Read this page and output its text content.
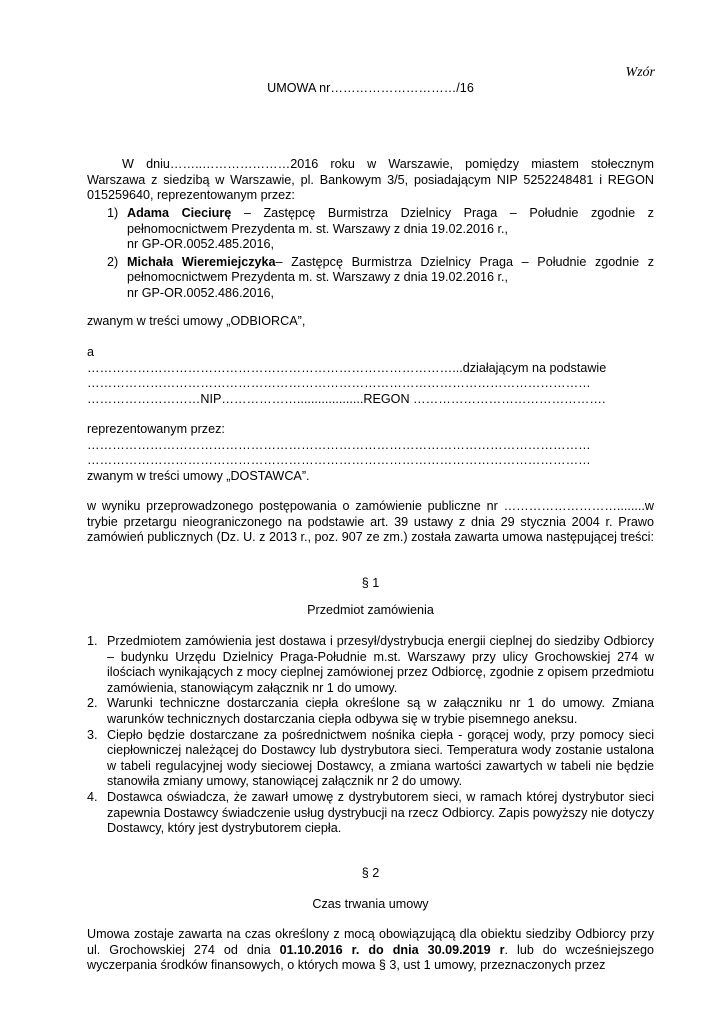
Wzór
UMOWA nr…………………………/16
W dniu……..…………………2016 roku w Warszawie, pomiędzy miastem stołecznym Warszawa z siedzibą w Warszawie, pl. Bankowym 3/5, posiadającym NIP 5252248481 i REGON 015259640, reprezentowanym przez:
1) Adama Cieciurę – Zastępcę Burmistrza Dzielnicy Praga – Południe zgodnie z pełnomocnictwem Prezydenta m. st. Warszawy z dnia 19.02.2016 r.,
nr GP-OR.0052.485.2016,
2) Michała Wieremiejczyka– Zastępcę Burmistrza Dzielnicy Praga – Południe zgodnie z pełnomocnictwem Prezydenta m. st. Warszawy z dnia 19.02.2016 r.,
nr GP-OR.0052.486.2016,
zwanym w treści umowy „ODBIORCA”,
a
……………………………………………………………………………...działającym na podstawie
…………………………………………………………………………………………………………
………………………NIP………………...................REGON ……………………………………….
reprezentowanym przez:
…………………………………………………………………………………………………………
…………………………………………………………………………………………………………
zwanym w treści umowy „DOSTAWCA”.
w wyniku przeprowadzonego postępowania o zamówienie publiczne nr ………………………........w trybie przetargu nieograniczonego na podstawie art. 39 ustawy z dnia 29 stycznia 2004 r. Prawo zamówień publicznych (Dz. U. z 2013 r., poz. 907 ze zm.) została zawarta umowa następującej treści:
§ 1
Przedmiot zamówienia
1. Przedmiotem zamówienia jest dostawa i przesył/dystrybucja energii cieplnej do siedziby Odbiorcy – budynku Urzędu Dzielnicy Praga-Południe m.st. Warszawy przy ulicy Grochowskiej 274 w ilościach wynikających z mocy cieplnej zamówionej przez Odbiorcę, zgodnie z opisem przedmiotu zamówienia, stanowiącym załącznik nr 1 do umowy.
2. Warunki techniczne dostarczania ciepła określone są w załączniku nr 1 do umowy. Zmiana warunków technicznych dostarczania ciepła odbywa się w trybie pisemnego aneksu.
3. Ciepło będzie dostarczane za pośrednictwem nośnika ciepła - gorącej wody, przy pomocy sieci ciepłowniczej należącej do Dostawcy lub dystrybutora sieci. Temperatura wody zostanie ustalona w tabeli regulacyjnej wody sieciowej Dostawcy, a zmiana wartości zawartych w tabeli nie będzie stanowiła zmiany umowy, stanowiącej załącznik nr 2 do umowy.
4. Dostawca oświadcza, że zawarł umowę z dystrybutorem sieci, w ramach której dystrybutor sieci zapewnia Dostawcy świadczenie usług dystrybucji na rzecz Odbiorcy. Zapis powyższy nie dotyczy Dostawcy, który jest dystrybutorem ciepła.
§ 2
Czas trwania umowy
Umowa zostaje zawarta na czas określony z mocą obowiązującą dla obiektu siedziby Odbiorcy przy ul. Grochowskiej 274 od dnia 01.10.2016 r. do dnia 30.09.2019 r. lub do wcześniejszego wyczerpania środków finansowych, o których mowa § 3, ust 1 umowy, przeznaczonych przez
